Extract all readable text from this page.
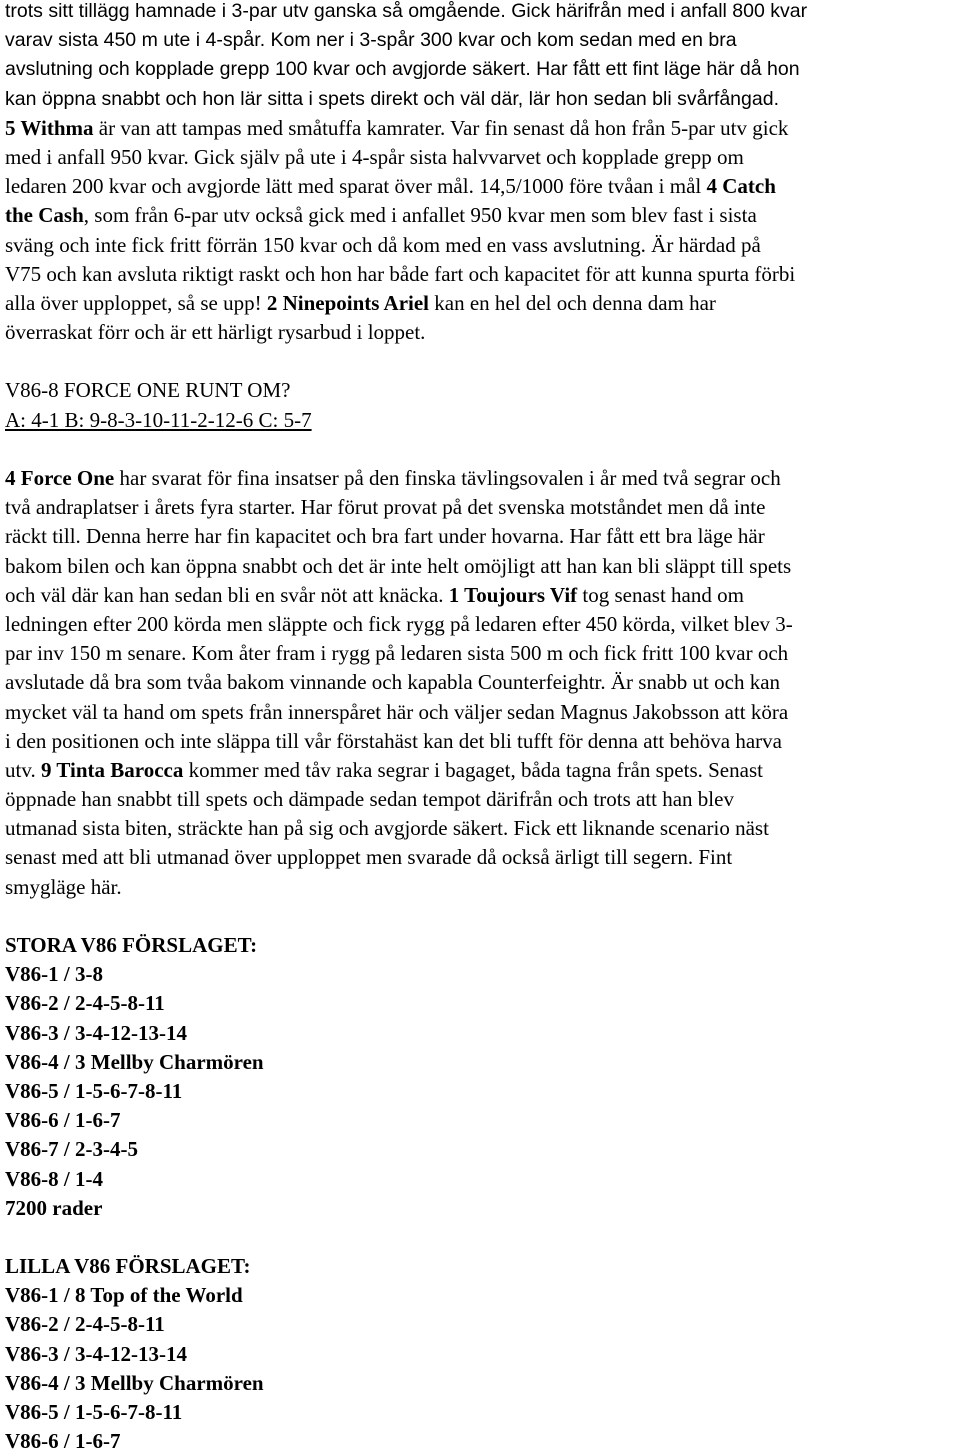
trots sitt tillägg hamnade i 3-par utv ganska så omgående. Gick härifrån med i anfall 800 kvar
varav sista 450 m ute i 4-spår. Kom ner i 3-spår 300 kvar och kom sedan med en bra
avslutning och kopplade grepp 100 kvar och avgjorde säkert. Har fått ett fint läge här då hon
kan öppna snabbt och hon lär sitta i spets direkt och väl där, lär hon sedan bli svårfångad.
5 Withma är van att tampas med småtuffa kamrater. Var fin senast då hon från 5-par utv gick
med i anfall 950 kvar. Gick själv på ute i 4-spår sista halvvarvet och kopplade grepp om
ledaren 200 kvar och avgjorde lätt med sparat över mål. 14,5/1000 före tvåan i mål 4 Catch
the Cash, som från 6-par utv också gick med i anfallet 950 kvar men som blev fast i sista
sväng och inte fick fritt förrän 150 kvar och då kom med en vass avslutning. Är härdad på
V75 och kan avsluta riktigt raskt och hon har både fart och kapacitet för att kunna spurta förbi
alla över upploppet, så se upp! 2 Ninepoints Ariel kan en hel del och denna dam har
överraskat förr och är ett härligt rysarbud i loppet.
V86-8 FORCE ONE RUNT OM?
A: 4-1 B: 9-8-3-10-11-2-12-6 C: 5-7
4 Force One har svarat för fina insatser på den finska tävlingsovalen i år med två segrar och
två andraplatser i årets fyra starter. Har förut provat på det svenska motståndet men då inte
räckt till. Denna herre har fin kapacitet och bra fart under hovarna. Har fått ett bra läge här
bakom bilen och kan öppna snabbt och det är inte helt omöjligt att han kan bli släppt till spets
och väl där kan han sedan bli en svår nöt att knäcka. 1 Toujours Vif tog senast hand om
ledningen efter 200 körda men släppte och fick rygg på ledaren efter 450 körda, vilket blev 3-
par inv 150 m senare. Kom åter fram i rygg på ledaren sista 500 m och fick fritt 100 kvar och
avslutade då bra som tvåa bakom vinnande och kapabla Counterfeightr. Är snabb ut och kan
mycket väl ta hand om spets från innerspåret här och väljer sedan Magnus Jakobsson att köra
i den positionen och inte släppa till vår förstahäst kan det bli tufft för denna att behöva harva
utv. 9 Tinta Barocca kommer med tåv raka segrar i bagaget, båda tagna från spets. Senast
öppnade han snabbt till spets och dämpade sedan tempot därifrån och trots att han blev
utmanad sista biten, sträckte han på sig och avgjorde säkert. Fick ett liknande scenario näst
senast med att bli utmanad över upploppet men svarade då också ärligt till segern. Fint
smygläge här.
STORA V86 FÖRSLAGET:
V86-1 / 3-8
V86-2 / 2-4-5-8-11
V86-3 / 3-4-12-13-14
V86-4 / 3 Mellby Charmören
V86-5 / 1-5-6-7-8-11
V86-6 / 1-6-7
V86-7 / 2-3-4-5
V86-8 / 1-4
7200 rader
LILLA V86 FÖRSLAGET:
V86-1 / 8 Top of the World
V86-2 / 2-4-5-8-11
V86-3 / 3-4-12-13-14
V86-4 / 3 Mellby Charmören
V86-5 / 1-5-6-7-8-11
V86-6 / 1-6-7
